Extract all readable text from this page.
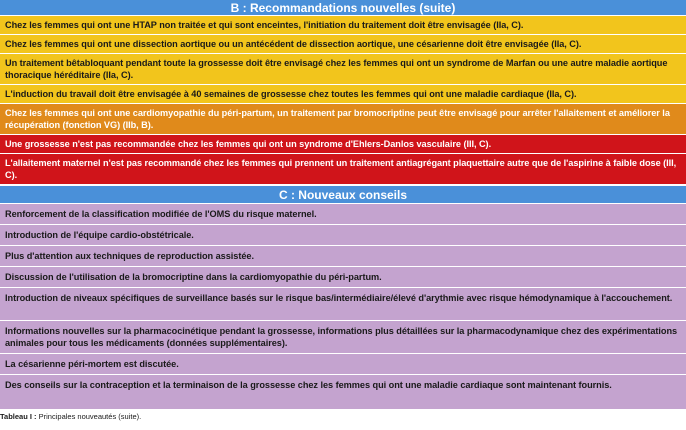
B : Recommandations nouvelles (suite)
Chez les femmes qui ont une HTAP non traitée et qui sont enceintes, l'initiation du traitement doit être envisagée (IIa, C).
Chez les femmes qui ont une dissection aortique ou un antécédent de dissection aortique, une césarienne doit être envisagée (IIa, C).
Un traitement bêtabloquant pendant toute la grossesse doit être envisagé chez les femmes qui ont un syndrome de Marfan ou une autre maladie aortique thoracique héréditaire (IIa, C).
L'induction du travail doit être envisagée à 40 semaines de grossesse chez toutes les femmes qui ont une maladie cardiaque (IIa, C).
Chez les femmes qui ont une cardiomyopathie du péri-partum, un traitement par bromocriptine peut être envisagé pour arrêter l'allaitement et améliorer la récupération (fonction VG) (IIb, B).
Une grossesse n'est pas recommandée chez les femmes qui ont un syndrome d'Ehlers-Danlos vasculaire (III, C).
L'allaitement maternel n'est pas recommandé chez les femmes qui prennent un traitement antiagrégant plaquettaire autre que de l'aspirine à faible dose (III, C).
C : Nouveaux conseils
Renforcement de la classification modifiée de l'OMS du risque maternel.
Introduction de l'équipe cardio-obstétricale.
Plus d'attention aux techniques de reproduction assistée.
Discussion de l'utilisation de la bromocriptine dans la cardiomyopathie du péri-partum.
Introduction de niveaux spécifiques de surveillance basés sur le risque bas/intermédiaire/élevé d'arythmie avec risque hémodynamique à l'accouchement.
Informations nouvelles sur la pharmacocinétique pendant la grossesse, informations plus détaillées sur la pharmacodynamique chez des expérimentations animales pour tous les médicaments (données supplémentaires).
La césarienne péri-mortem est discutée.
Des conseils sur la contraception et la terminaison de la grossesse chez les femmes qui ont une maladie cardiaque sont maintenant fournis.
Tableau I : Principales nouveautés (suite).
